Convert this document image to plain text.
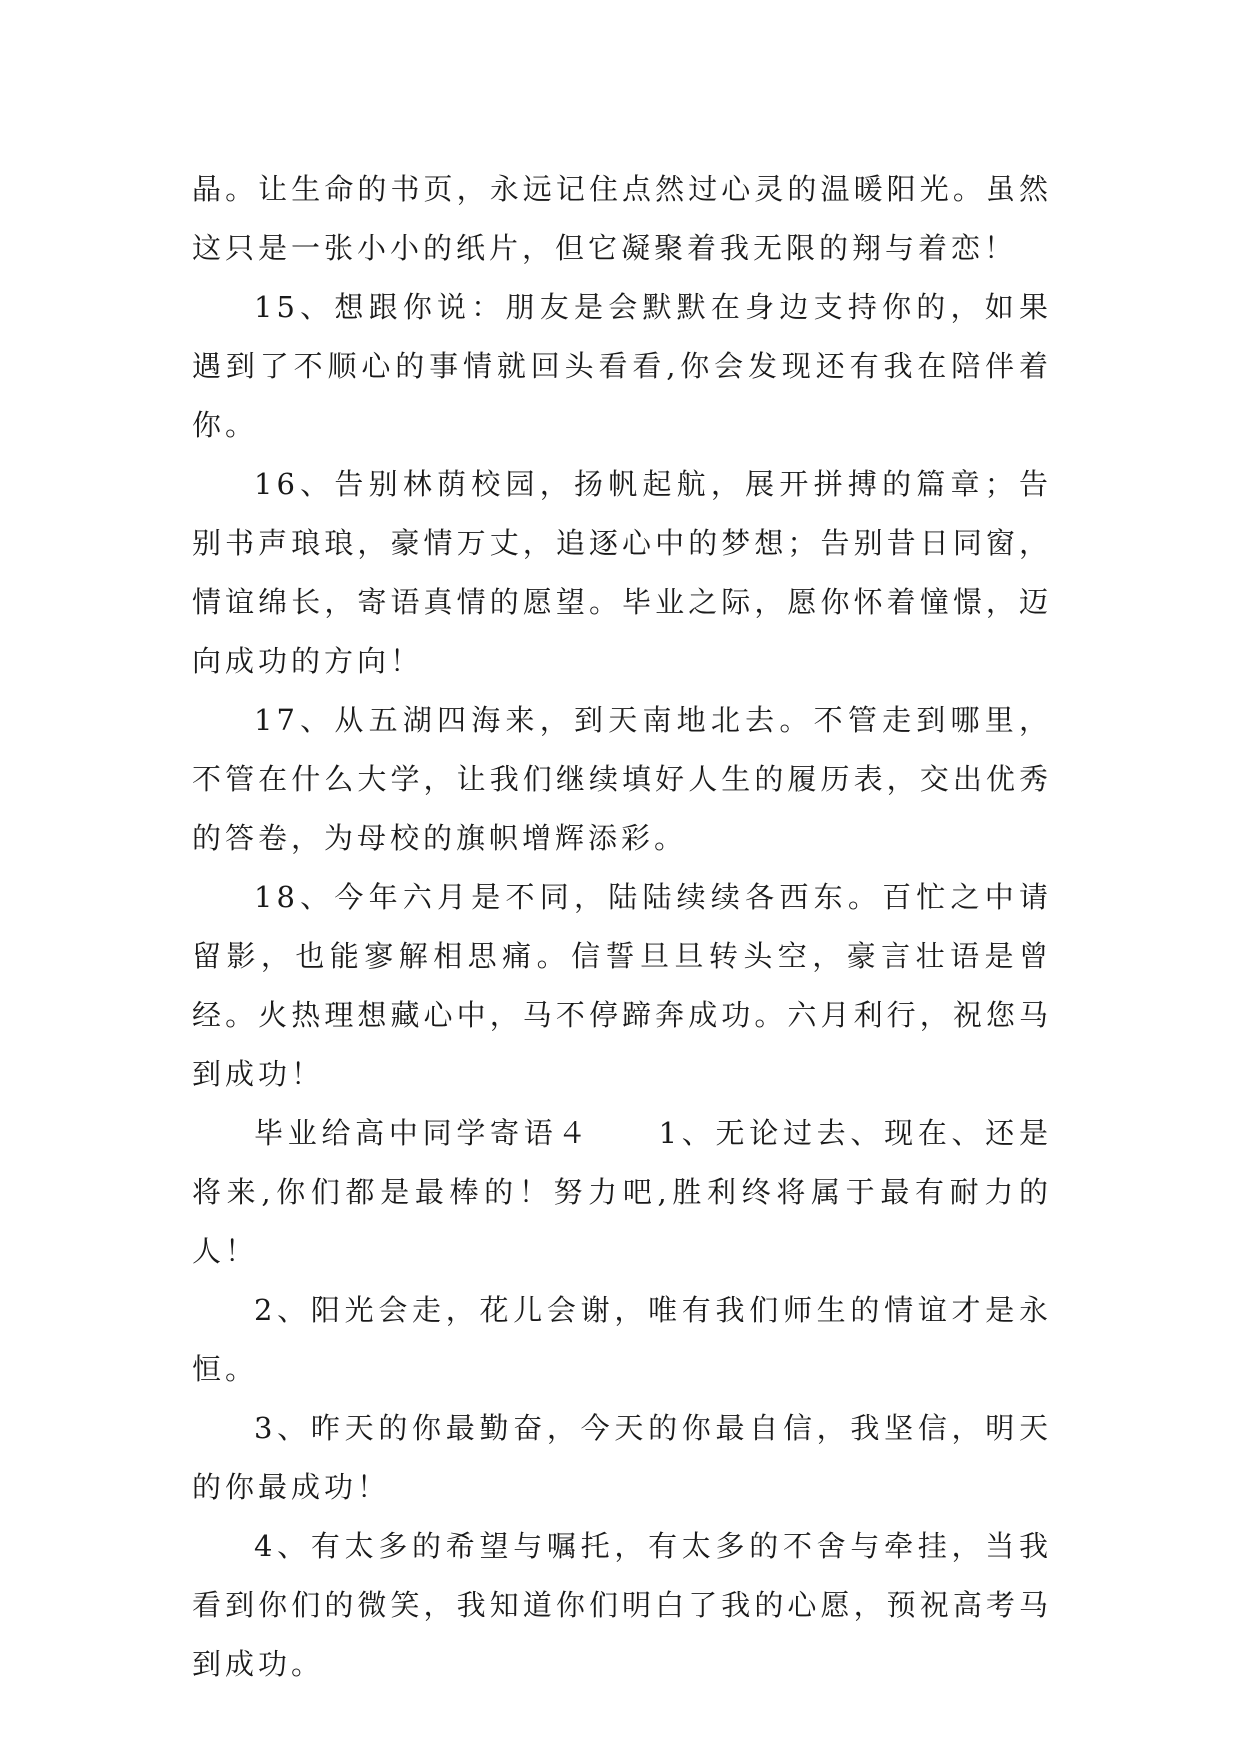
晶。让生命的书页，永远记住点然过心灵的温暖阳光。虽然这只是一张小小的纸片，但它凝聚着我无限的翔与着恋！

15、想跟你说：朋友是会默默在身边支持你的，如果遇到了不顺心的事情就回头看看,你会发现还有我在陪伴着你。

16、告别林荫校园，扬帆起航，展开拼搏的篇章；告别书声琅琅，豪情万丈，追逐心中的梦想；告别昔日同窗，情谊绵长，寄语真情的愿望。毕业之际，愿你怀着憧憬，迈向成功的方向！

17、从五湖四海来，到天南地北去。不管走到哪里，不管在什么大学，让我们继续填好人生的履历表，交出优秀的答卷，为母校的旗帜增辉添彩。

18、今年六月是不同，陆陆续续各西东。百忙之中请留影，也能寥解相思痛。信誓旦旦转头空，豪言壮语是曾经。火热理想藏心中，马不停蹄奔成功。六月利行，祝您马到成功！

毕业给高中同学寄语４　　1、无论过去、现在、还是将来,你们都是最棒的！努力吧,胜利终将属于最有耐力的人！

2、阳光会走，花儿会谢，唯有我们师生的情谊才是永恒。

3、昨天的你最勤奋，今天的你最自信，我坚信，明天的你最成功！

4、有太多的希望与嘱托，有太多的不舍与牵挂，当我看到你们的微笑，我知道你们明白了我的心愿，预祝高考马到成功。
